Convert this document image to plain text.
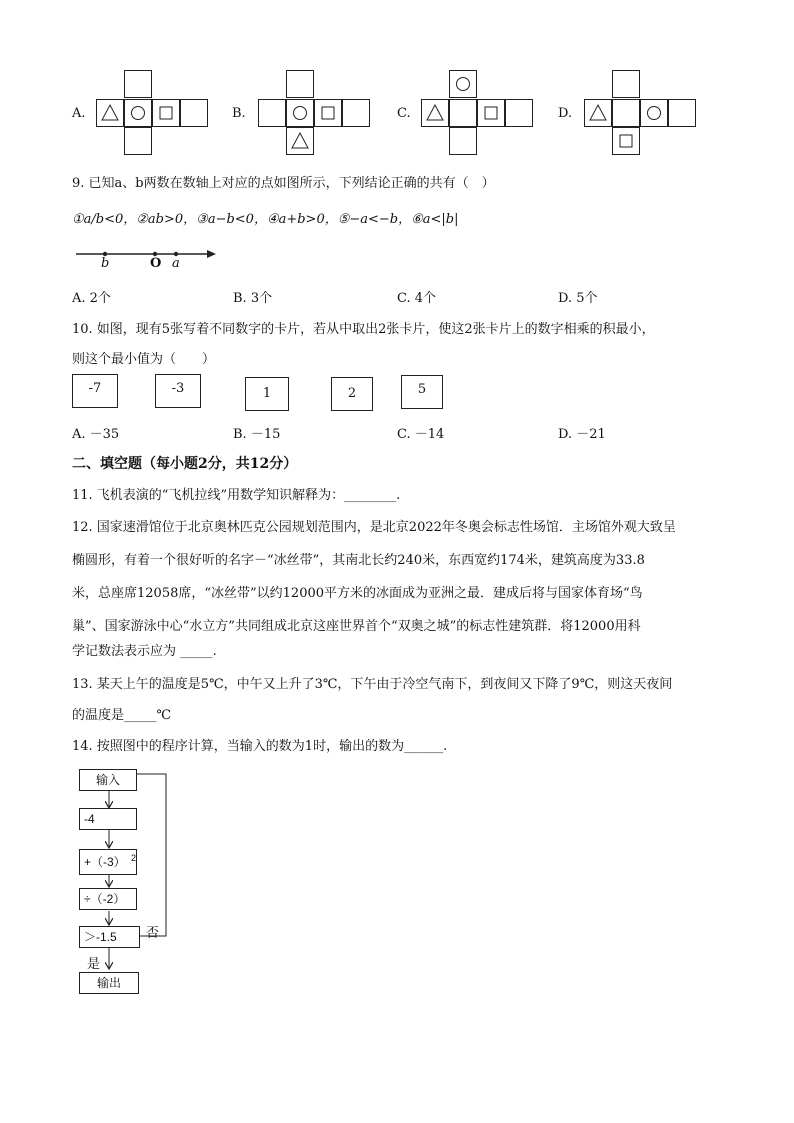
A.	B.	C.	D.
9. 已知a、b两数在数轴上对应的点如图所示，下列结论正确的共有（　）
①a/b<0，②ab>0，③a−b<0，④a+b>0，⑤−a<−b，⑥a<|b|
b	O a
A. 2个	B. 3个	C. 4个	D. 5个
10. 如图，现有5张写着不同数字的卡片，若从中取出2张卡片，使这2张卡片上的数字相乘的积最小，
则这个最小值为（　　）
-7	-3	1	2	5
A. －35	B. －15	C. －14	D. －21
二、填空题（每小题2分，共12分）
11. 飞机表演的“飞机拉线”用数学知识解释为：________.
12. 国家速滑馆位于北京奥林匹克公园规划范围内，是北京2022年冬奥会标志性场馆．主场馆外观大致呈
椭圆形，有着一个很好听的名字－“冰丝带”，其南北长约240米，东西宽约174米，建筑高度为33.8
米，总座席12058席，“冰丝带”以约12000平方米的冰面成为亚洲之最．建成后将与国家体育场“鸟
巢”、国家游泳中心“水立方”共同组成北京这座世界首个“双奥之城”的标志性建筑群．将12000用科
学记数法表示应为 _____.
13. 某天上午的温度是5℃，中午又上升了3℃，下午由于冷空气南下，到夜间又下降了9℃，则这天夜间
的温度是_____℃
14. 按照图中的程序计算，当输入的数为1时，输出的数为______.
输入
-4
+（-3） 2
÷（-2）
＞-1.5	否
是
输出
